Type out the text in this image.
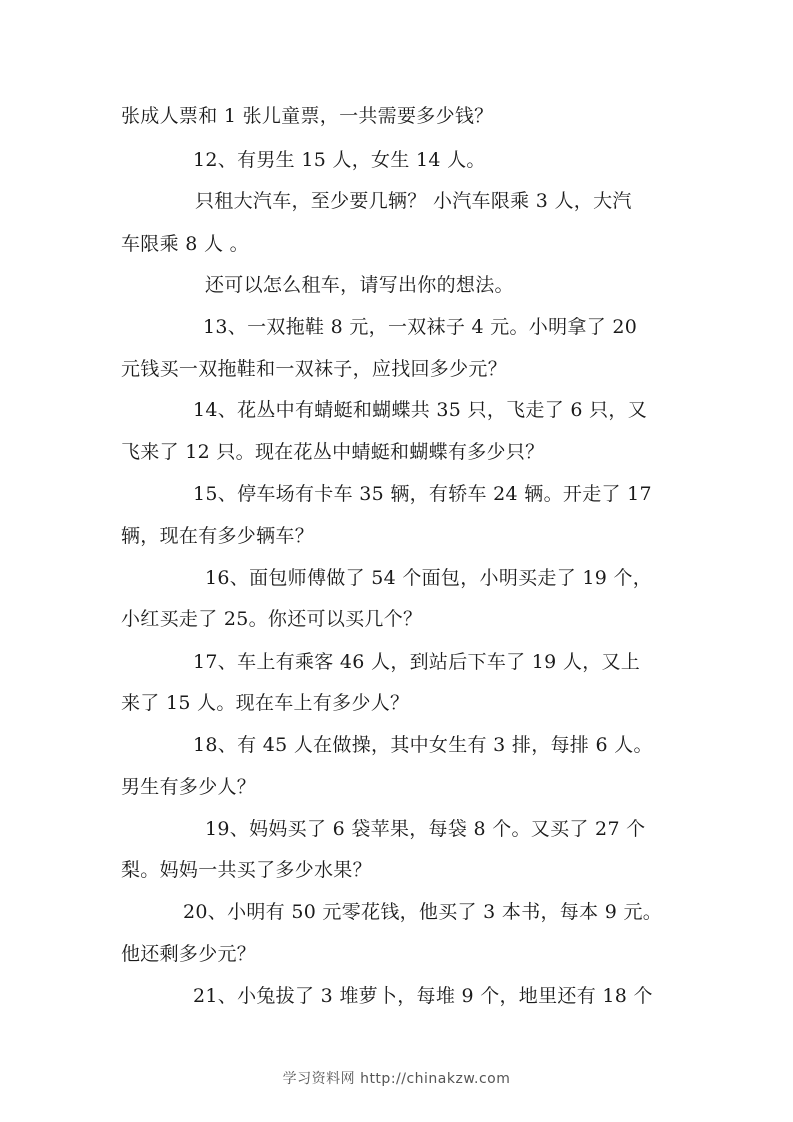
张成人票和 1 张儿童票，一共需要多少钱？
12、有男生 15 人，女生 14 人。
只租大汽车，至少要几辆？ 小汽车限乘 3 人，大汽
车限乘 8 人 。
还可以怎么租车，请写出你的想法。
13、一双拖鞋 8 元，一双袜子 4 元。小明拿了 20
元钱买一双拖鞋和一双袜子，应找回多少元？
14、花丛中有蜻蜓和蝴蝶共 35 只，飞走了 6 只，又
飞来了 12 只。现在花丛中蜻蜓和蝴蝶有多少只？
15、停车场有卡车 35 辆，有轿车 24 辆。开走了 17
辆，现在有多少辆车？
16、面包师傅做了 54 个面包，小明买走了 19 个，
小红买走了 25。你还可以买几个？
17、车上有乘客 46 人，到站后下车了 19 人，又上
来了 15 人。现在车上有多少人？
18、有 45 人在做操，其中女生有 3 排，每排 6 人。
男生有多少人？
19、妈妈买了 6 袋苹果，每袋 8 个。又买了 27 个
梨。妈妈一共买了多少水果？
20、小明有 50 元零花钱，他买了 3 本书，每本 9 元。
他还剩多少元？
21、小兔拔了 3 堆萝卜，每堆 9 个，地里还有 18 个
学习资料网 http://chinakzw.com
